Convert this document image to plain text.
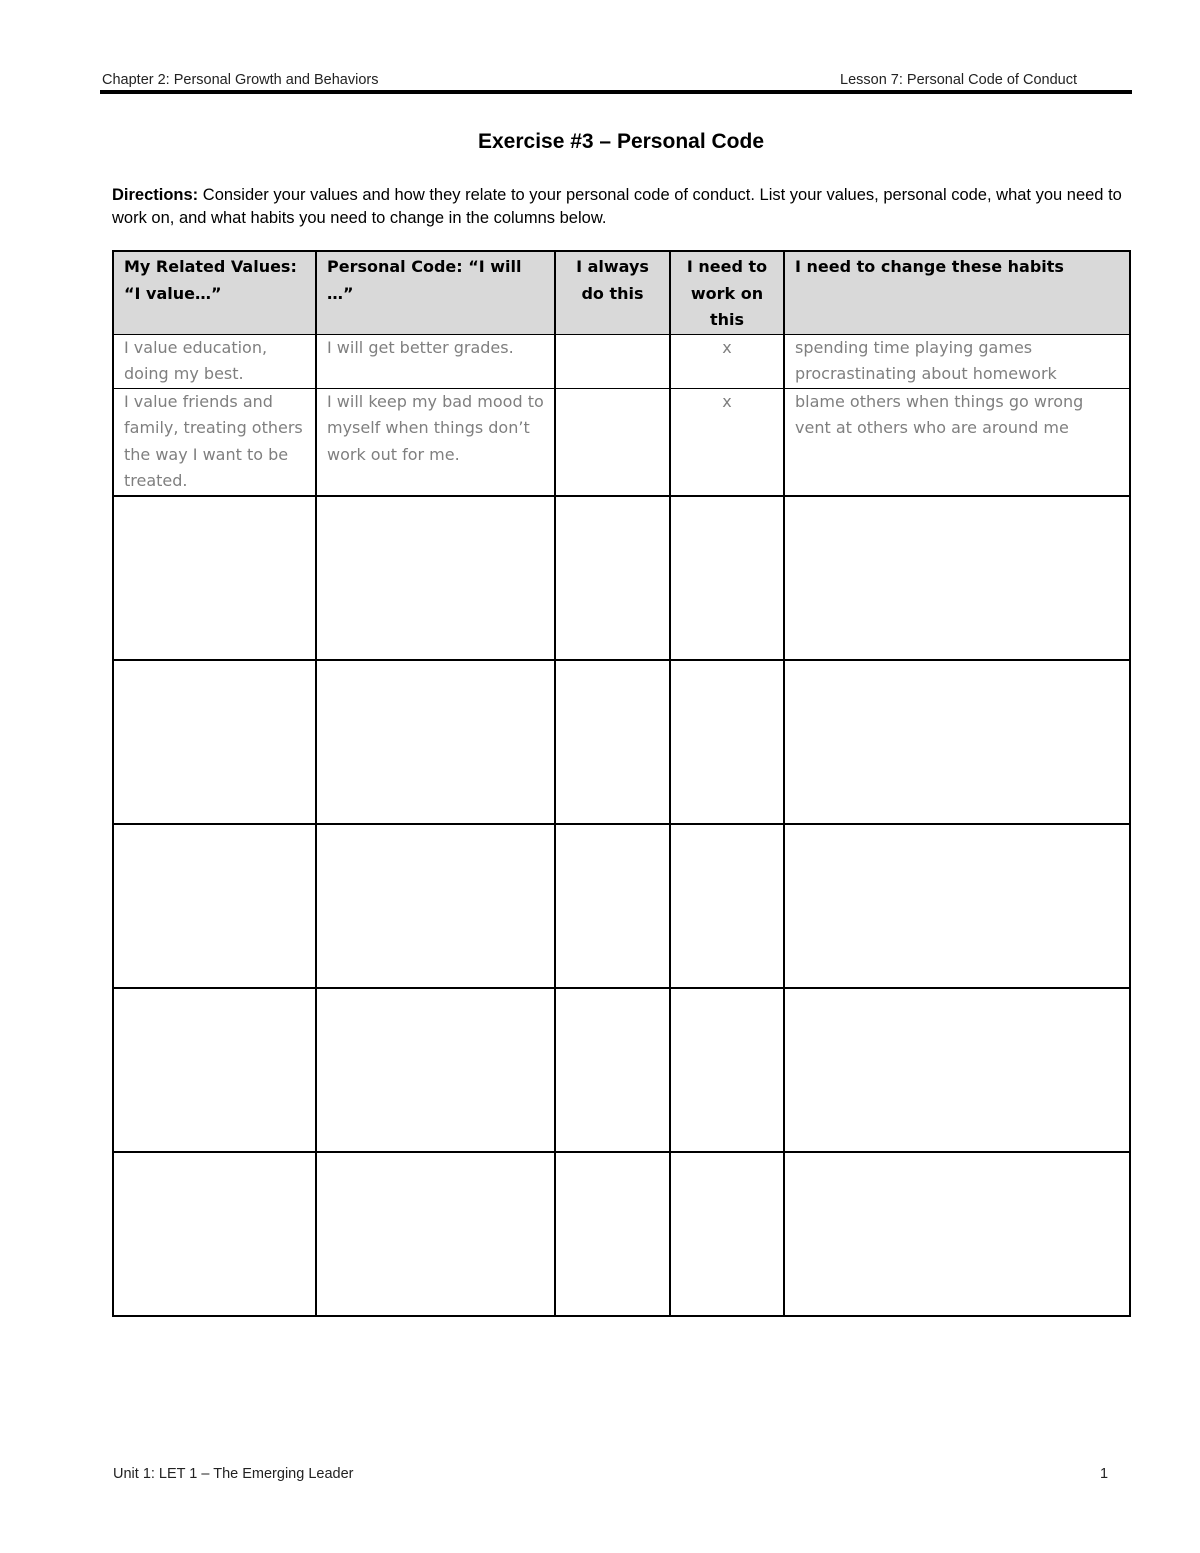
Chapter 2: Personal Growth and Behaviors	Lesson 7: Personal Code of Conduct
Exercise #3 – Personal Code
Directions: Consider your values and how they relate to your personal code of conduct. List your values, personal code, what you need to work on, and what habits you need to change in the columns below.
My Related Values: “I value…”	Personal Code: “I will …”	I always do this	I need to work on this	I need to change these habits
I value education, doing my best.	I will get better grades.		x	spending time playing games
procrastinating about homework

I value friends and family, treating others the way I want to be treated.	I will keep my bad mood to myself when things don’t work out for me.		x	blame others when things go wrong
vent at others who are around me

Unit 1: LET 1 – The Emerging Leader	1
